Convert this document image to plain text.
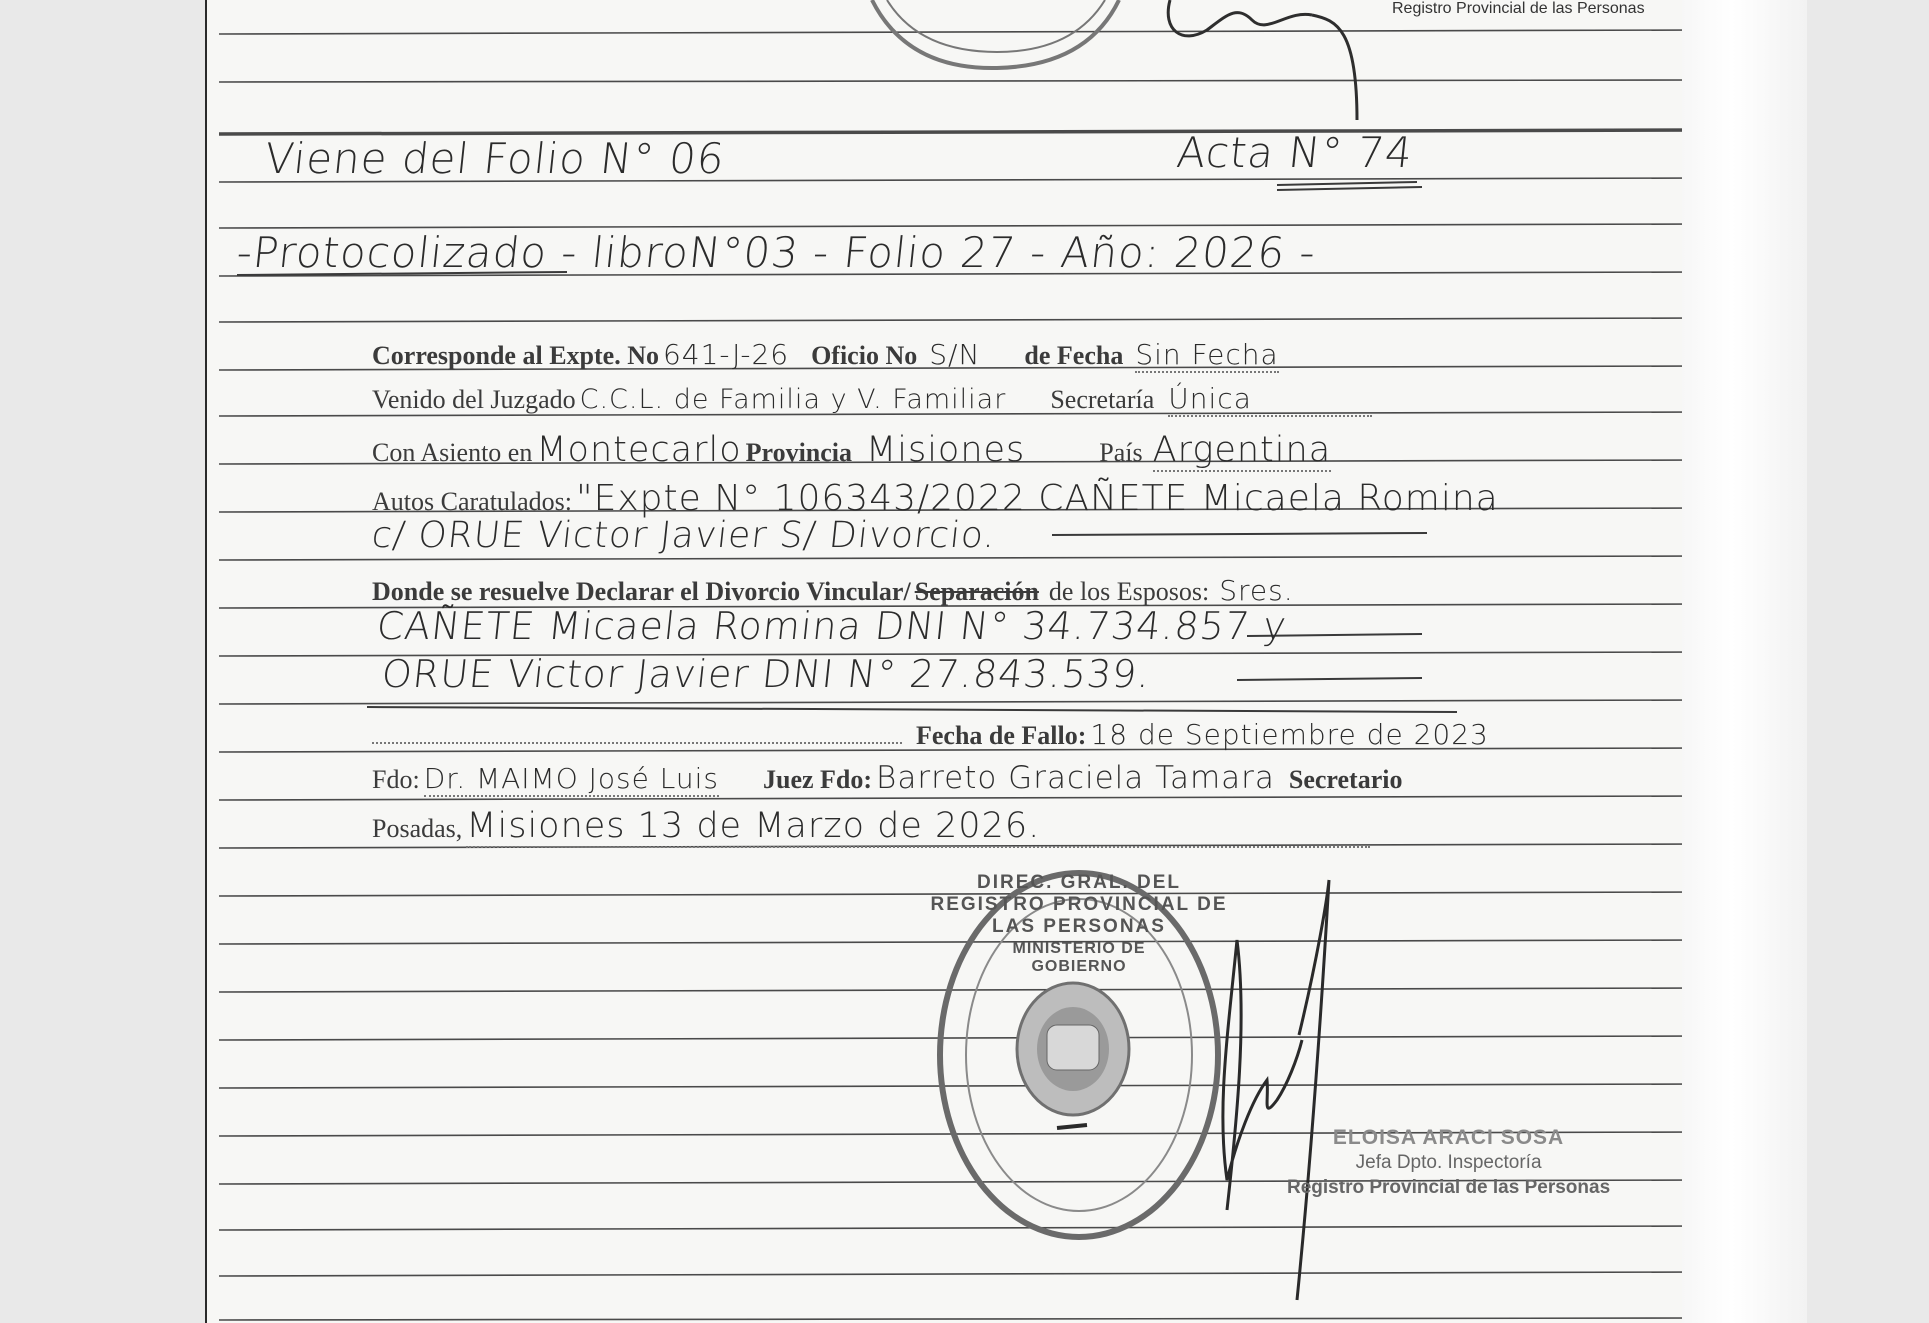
Viene del Folio N° 06	Acta N° 74
-Protocolizado - libroN°03 - Folio 27 - Año: 2026 -
Corresponde al Expte. No 641-J-26 Oficio No S/N de Fecha Sin Fecha
Venido del Juzgado C.C.L. de Familia y V. Familiar Secretaría Única
Con Asiento en Montecarlo Provincia Misiones	País Argentina
Autos Caratulados: "Expte N° 106343/2022 CAÑETE Micaela Romina
c/ ORUE Victor Javier S/ Divorcio.
Donde se resuelve Declarar el Divorcio Vincular/ Separación de los Esposos: Sres.
CAÑETE Micaela Romina DNI N° 34.734.857 y
ORUE Victor Javier DNI N° 27.843.539.
Fecha de Fallo: 18 de Septiembre de 2023
Fdo: Dr. MAIMO José Luis Juez Fdo: Barreto Graciela Tamara Secretario
Posadas, Misiones 13 de Marzo de 2026.
DIREC. GRAL. DEL REGISTRO PROVINCIAL DE LAS PERSONAS
MINISTERIO DE GOBIERNO
ELOISA ARACI SOSA
Jefa Dpto. Inspectoría
Registro Provincial de las Personas
Registro Provincial de las Personas
